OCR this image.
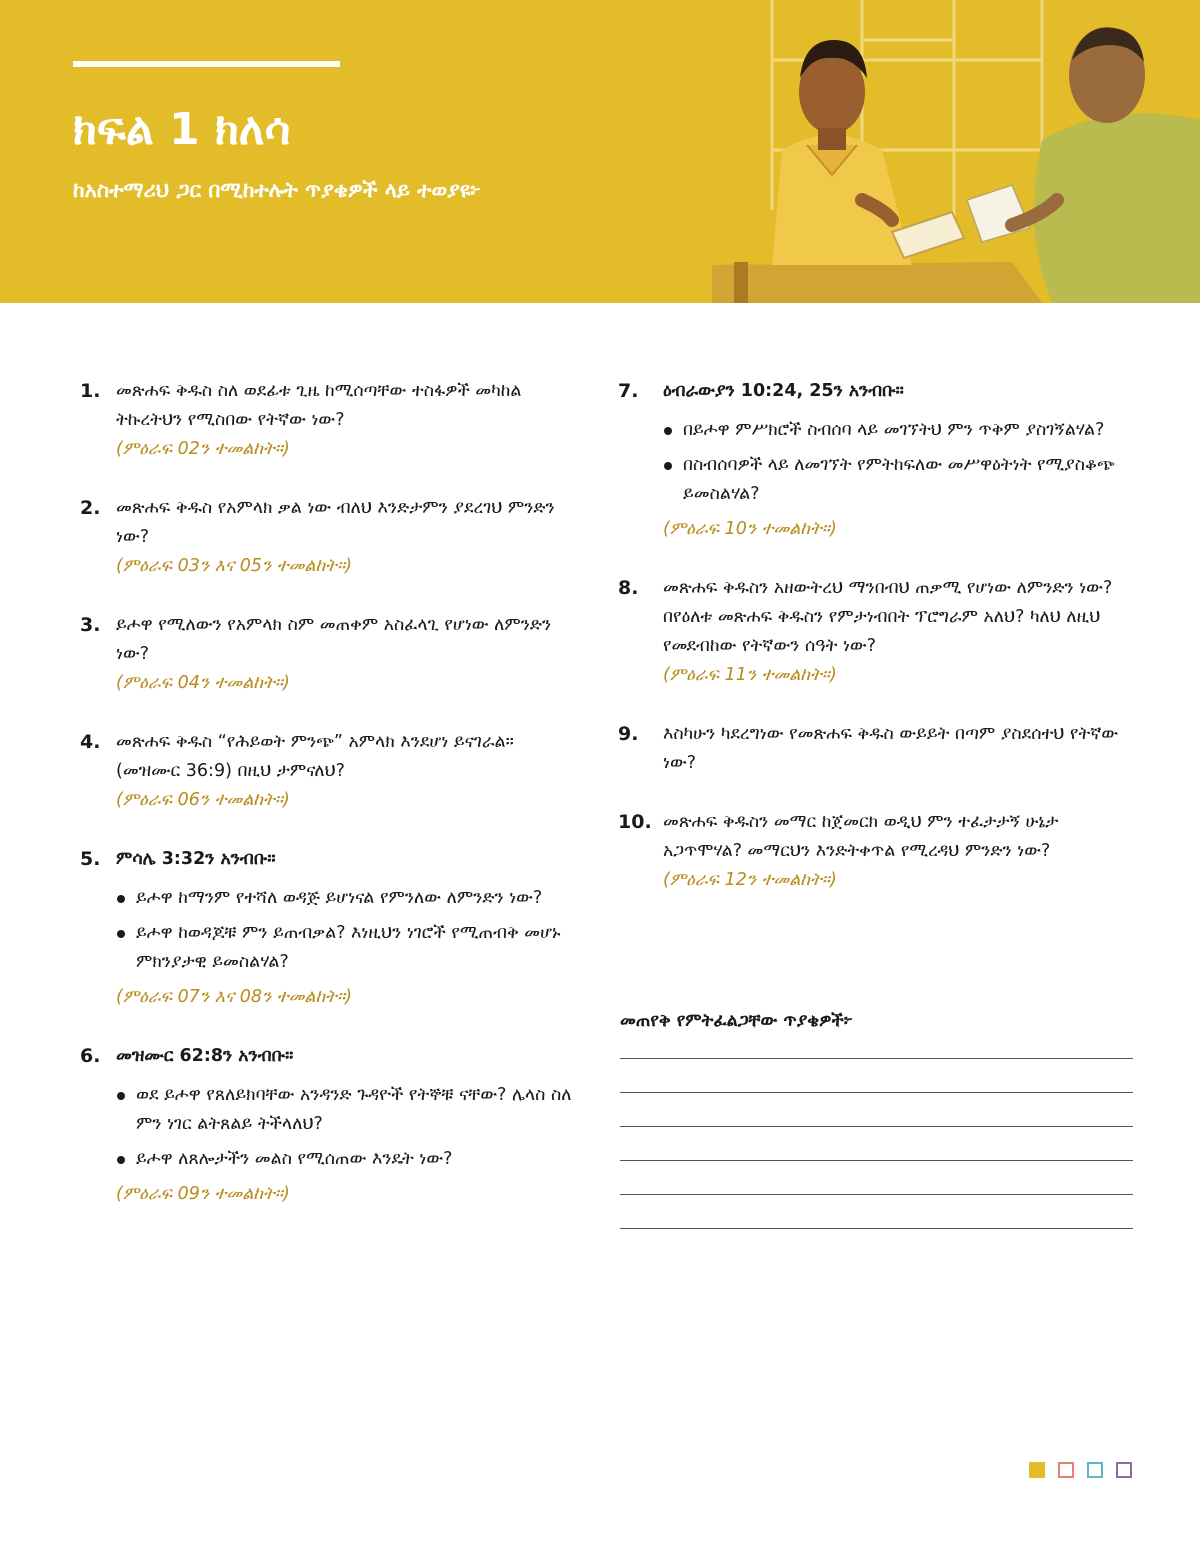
ክፍል 1 ክለሳ

ከአስተማሪህ ጋር በሚከተሉት ጥያቄዎች ላይ ተወያዩ፦

1. መጽሐፍ ቅዱስ ስለ ወደፊቱ ጊዜ ከሚሰጣቸው ተስፋዎች መካከል ትኩረትህን የሚስበው የትኛው ነው?
(ምዕራፍ 02ን ተመልከት።)
2. መጽሐፍ ቅዱስ የአምላክ ቃል ነው ብለህ እንድታምን ያደረገህ ምንድን ነው?
(ምዕራፍ 03ን እና 05ን ተመልከት።)
3. ይሖዋ የሚለውን የአምላክ ስም መጠቀም አስፈላጊ የሆነው ለምንድን ነው?
(ምዕራፍ 04ን ተመልከት።)
4. መጽሐፍ ቅዱስ “የሕይወት ምንጭ” አምላክ እንደሆነ ይናገራል። (መዝሙር 36:9) በዚህ ታምናለህ?
(ምዕራፍ 06ን ተመልከት።)
5. ምሳሌ 3:32ን አንብቡ።
ይሖዋ ከማንም የተሻለ ወዳጅ ይሆነናል የምንለው ለምንድን ነው?
ይሖዋ ከወዳጆቹ ምን ይጠብቃል? እነዚህን ነገሮች የሚጠብቅ መሆኑ ምክንያታዊ ይመስልሃል?
(ምዕራፍ 07ን እና 08ን ተመልከት።)
6. መዝሙር 62:8ን አንብቡ።
ወደ ይሖዋ የጸለይክባቸው አንዳንድ ጉዳዮች የትኞቹ ናቸው? ሌላስ ስለ ምን ነገር ልትጸልይ ትችላለህ?
ይሖዋ ለጸሎታችን መልስ የሚሰጠው እንዴት ነው?
(ምዕራፍ 09ን ተመልከት።)
7. ዕብራውያን 10:24, 25ን አንብቡ።
በይሖዋ ምሥክሮች ስብሰባ ላይ መገኘትህ ምን ጥቅም ያስገኝልሃል?
በስብሰባዎች ላይ ለመገኘት የምትከፍለው መሥዋዕትነት የሚያስቆጭ ይመስልሃል?
(ምዕራፍ 10ን ተመልከት።)
8. መጽሐፍ ቅዱስን አዘውትረህ ማንበብህ ጠቃሚ የሆነው ለምንድን ነው? በየዕለቱ መጽሐፍ ቅዱስን የምታነብበት ፕሮግራም አለህ? ካለህ ለዚህ የመደብከው የትኛውን ሰዓት ነው?
(ምዕራፍ 11ን ተመልከት።)
9. እስካሁን ካደረግነው የመጽሐፍ ቅዱስ ውይይት በጣም ያስደሰተህ የትኛው ነው?
10. መጽሐፍ ቅዱስን መማር ከጀመርክ ወዲህ ምን ተፈታታኝ ሁኔታ አጋጥሞሃል? መማርህን እንድትቀጥል የሚረዳህ ምንድን ነው?
(ምዕራፍ 12ን ተመልከት።)

መጠየቅ የምትፈልጋቸው ጥያቄዎች፦
